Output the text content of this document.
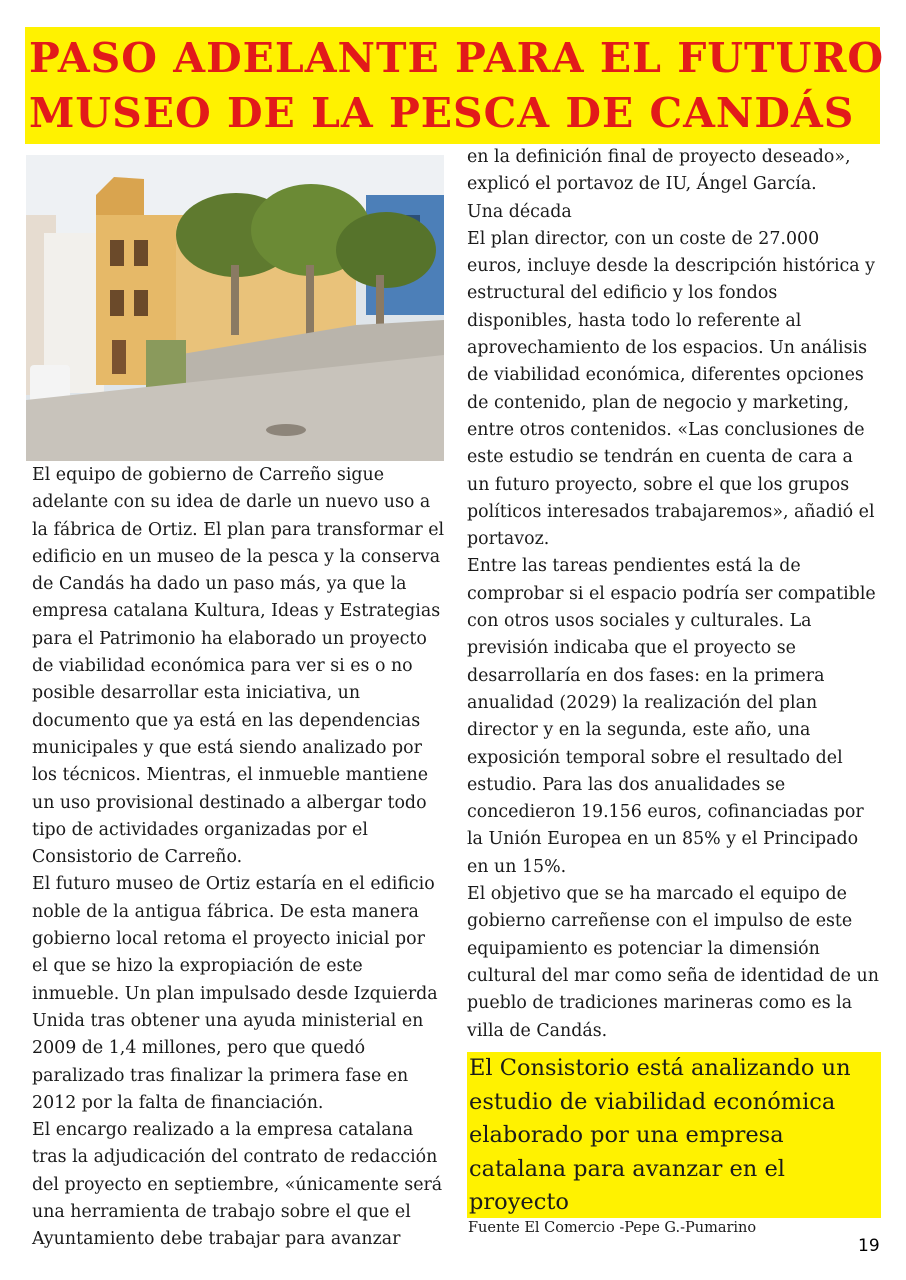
PASO ADELANTE PARA EL FUTURO
MUSEO DE LA PESCA DE CANDÁS

El equipo de gobierno de Carreño sigue adelante con su idea de darle un nuevo uso a la fábrica de Ortiz. El plan para transformar el edificio en un museo de la pesca y la conserva de Candás ha dado un paso más, ya que la empresa catalana Kultura, Ideas y Estrategias para el Patrimonio ha elaborado un proyecto de viabilidad económica para ver si es o no posible desarrollar esta iniciativa, un documento que ya está en las dependencias municipales y que está siendo analizado por los técnicos. Mientras, el inmueble mantiene un uso provisional destinado a albergar todo tipo de actividades organizadas por el Consistorio de Carreño.

El futuro museo de Ortiz estaría en el edificio noble de la antigua fábrica. De esta manera gobierno local retoma el proyecto inicial por el que se hizo la expropiación de este inmueble. Un plan impulsado desde Izquierda Unida tras obtener una ayuda ministerial en 2009 de 1,4 millones, pero que quedó paralizado tras finalizar la primera fase en 2012 por la falta de financiación.

El encargo realizado a la empresa catalana tras la adjudicación del contrato de redacción del proyecto en septiembre, «únicamente será una herramienta de trabajo sobre el que el Ayuntamiento debe trabajar para avanzar

en la definición final de proyecto deseado», explicó el portavoz de IU, Ángel García.

Una década

El plan director, con un coste de 27.000 euros, incluye desde la descripción histórica y estructural del edificio y los fondos disponibles, hasta todo lo referente al aprovechamiento de los espacios. Un análisis de viabilidad económica, diferentes opciones de contenido, plan de negocio y marketing, entre otros contenidos. «Las conclusiones de este estudio se tendrán en cuenta de cara a un futuro proyecto, sobre el que los grupos políticos interesados trabajaremos», añadió el portavoz.

Entre las tareas pendientes está la de comprobar si el espacio podría ser compatible con otros usos sociales y culturales. La previsión indicaba que el proyecto se desarrollaría en dos fases: en la primera anualidad (2029) la realización del plan director y en la segunda, este año, una exposición temporal sobre el resultado del estudio. Para las dos anualidades se concedieron 19.156 euros, cofinanciadas por la Unión Europea en un 85% y el Principado en un 15%.

El objetivo que se ha marcado el equipo de gobierno carreñense con el impulso de este equipamiento es potenciar la dimensión cultural del mar como seña de identidad de un pueblo de tradiciones marineras como es la villa de Candás.

El Consistorio está analizando un estudio de viabilidad económica elaborado por una empresa catalana para avanzar en el proyecto
Fuente El Comercio -Pepe G.-Pumarino
19
